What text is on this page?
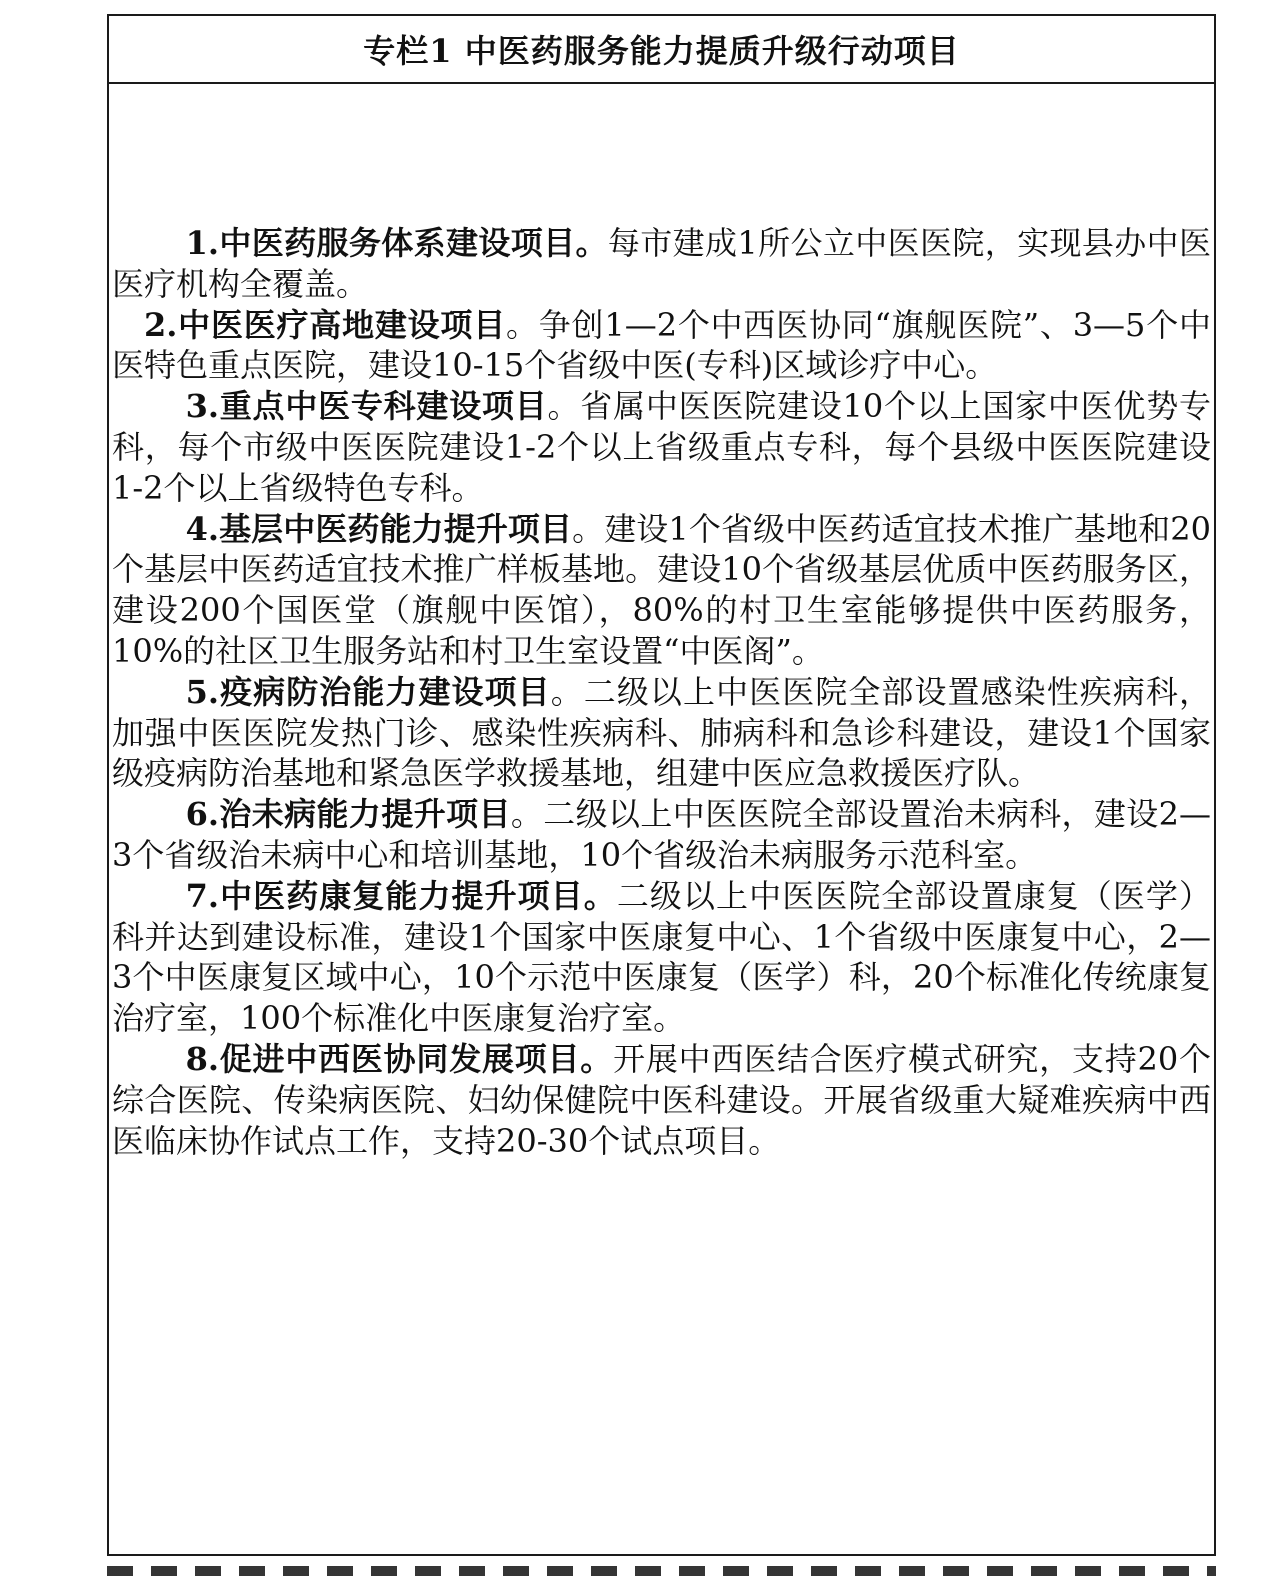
专栏1 中医药服务能力提质升级行动项目

1.中医药服务体系建设项目。每市建成1所公立中医医院，实现县办中医医疗机构全覆盖。

2.中医医疗高地建设项目。争创1—2个中西医协同“旗舰医院”、3—5个中医特色重点医院，建设10-15个省级中医(专科)区域诊疗中心。

3.重点中医专科建设项目。省属中医医院建设10个以上国家中医优势专科，每个市级中医医院建设1-2个以上省级重点专科，每个县级中医医院建设1-2个以上省级特色专科。

4.基层中医药能力提升项目。建设1个省级中医药适宜技术推广基地和20个基层中医药适宜技术推广样板基地。建设10个省级基层优质中医药服务区，建设200个国医堂（旗舰中医馆），80%的村卫生室能够提供中医药服务，10%的社区卫生服务站和村卫生室设置“中医阁”。

5.疫病防治能力建设项目。二级以上中医医院全部设置感染性疾病科，加强中医医院发热门诊、感染性疾病科、肺病科和急诊科建设，建设1个国家级疫病防治基地和紧急医学救援基地，组建中医应急救援医疗队。

6.治未病能力提升项目。二级以上中医医院全部设置治未病科，建设2—3个省级治未病中心和培训基地，10个省级治未病服务示范科室。

7.中医药康复能力提升项目。二级以上中医医院全部设置康复（医学）科并达到建设标准，建设1个国家中医康复中心、1个省级中医康复中心，2—3个中医康复区域中心，10个示范中医康复（医学）科，20个标准化传统康复治疗室，100个标准化中医康复治疗室。

8.促进中西医协同发展项目。开展中西医结合医疗模式研究，支持20个综合医院、传染病医院、妇幼保健院中医科建设。开展省级重大疑难疾病中西医临床协作试点工作，支持20-30个试点项目。
